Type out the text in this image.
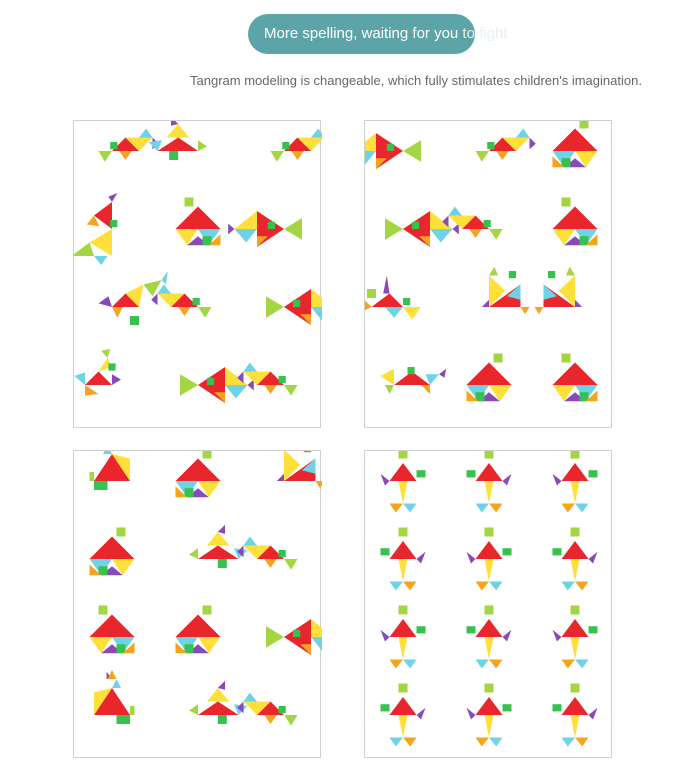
More spelling, waiting for you to fight
Tangram modeling is changeable, which fully stimulates children's imagination.
